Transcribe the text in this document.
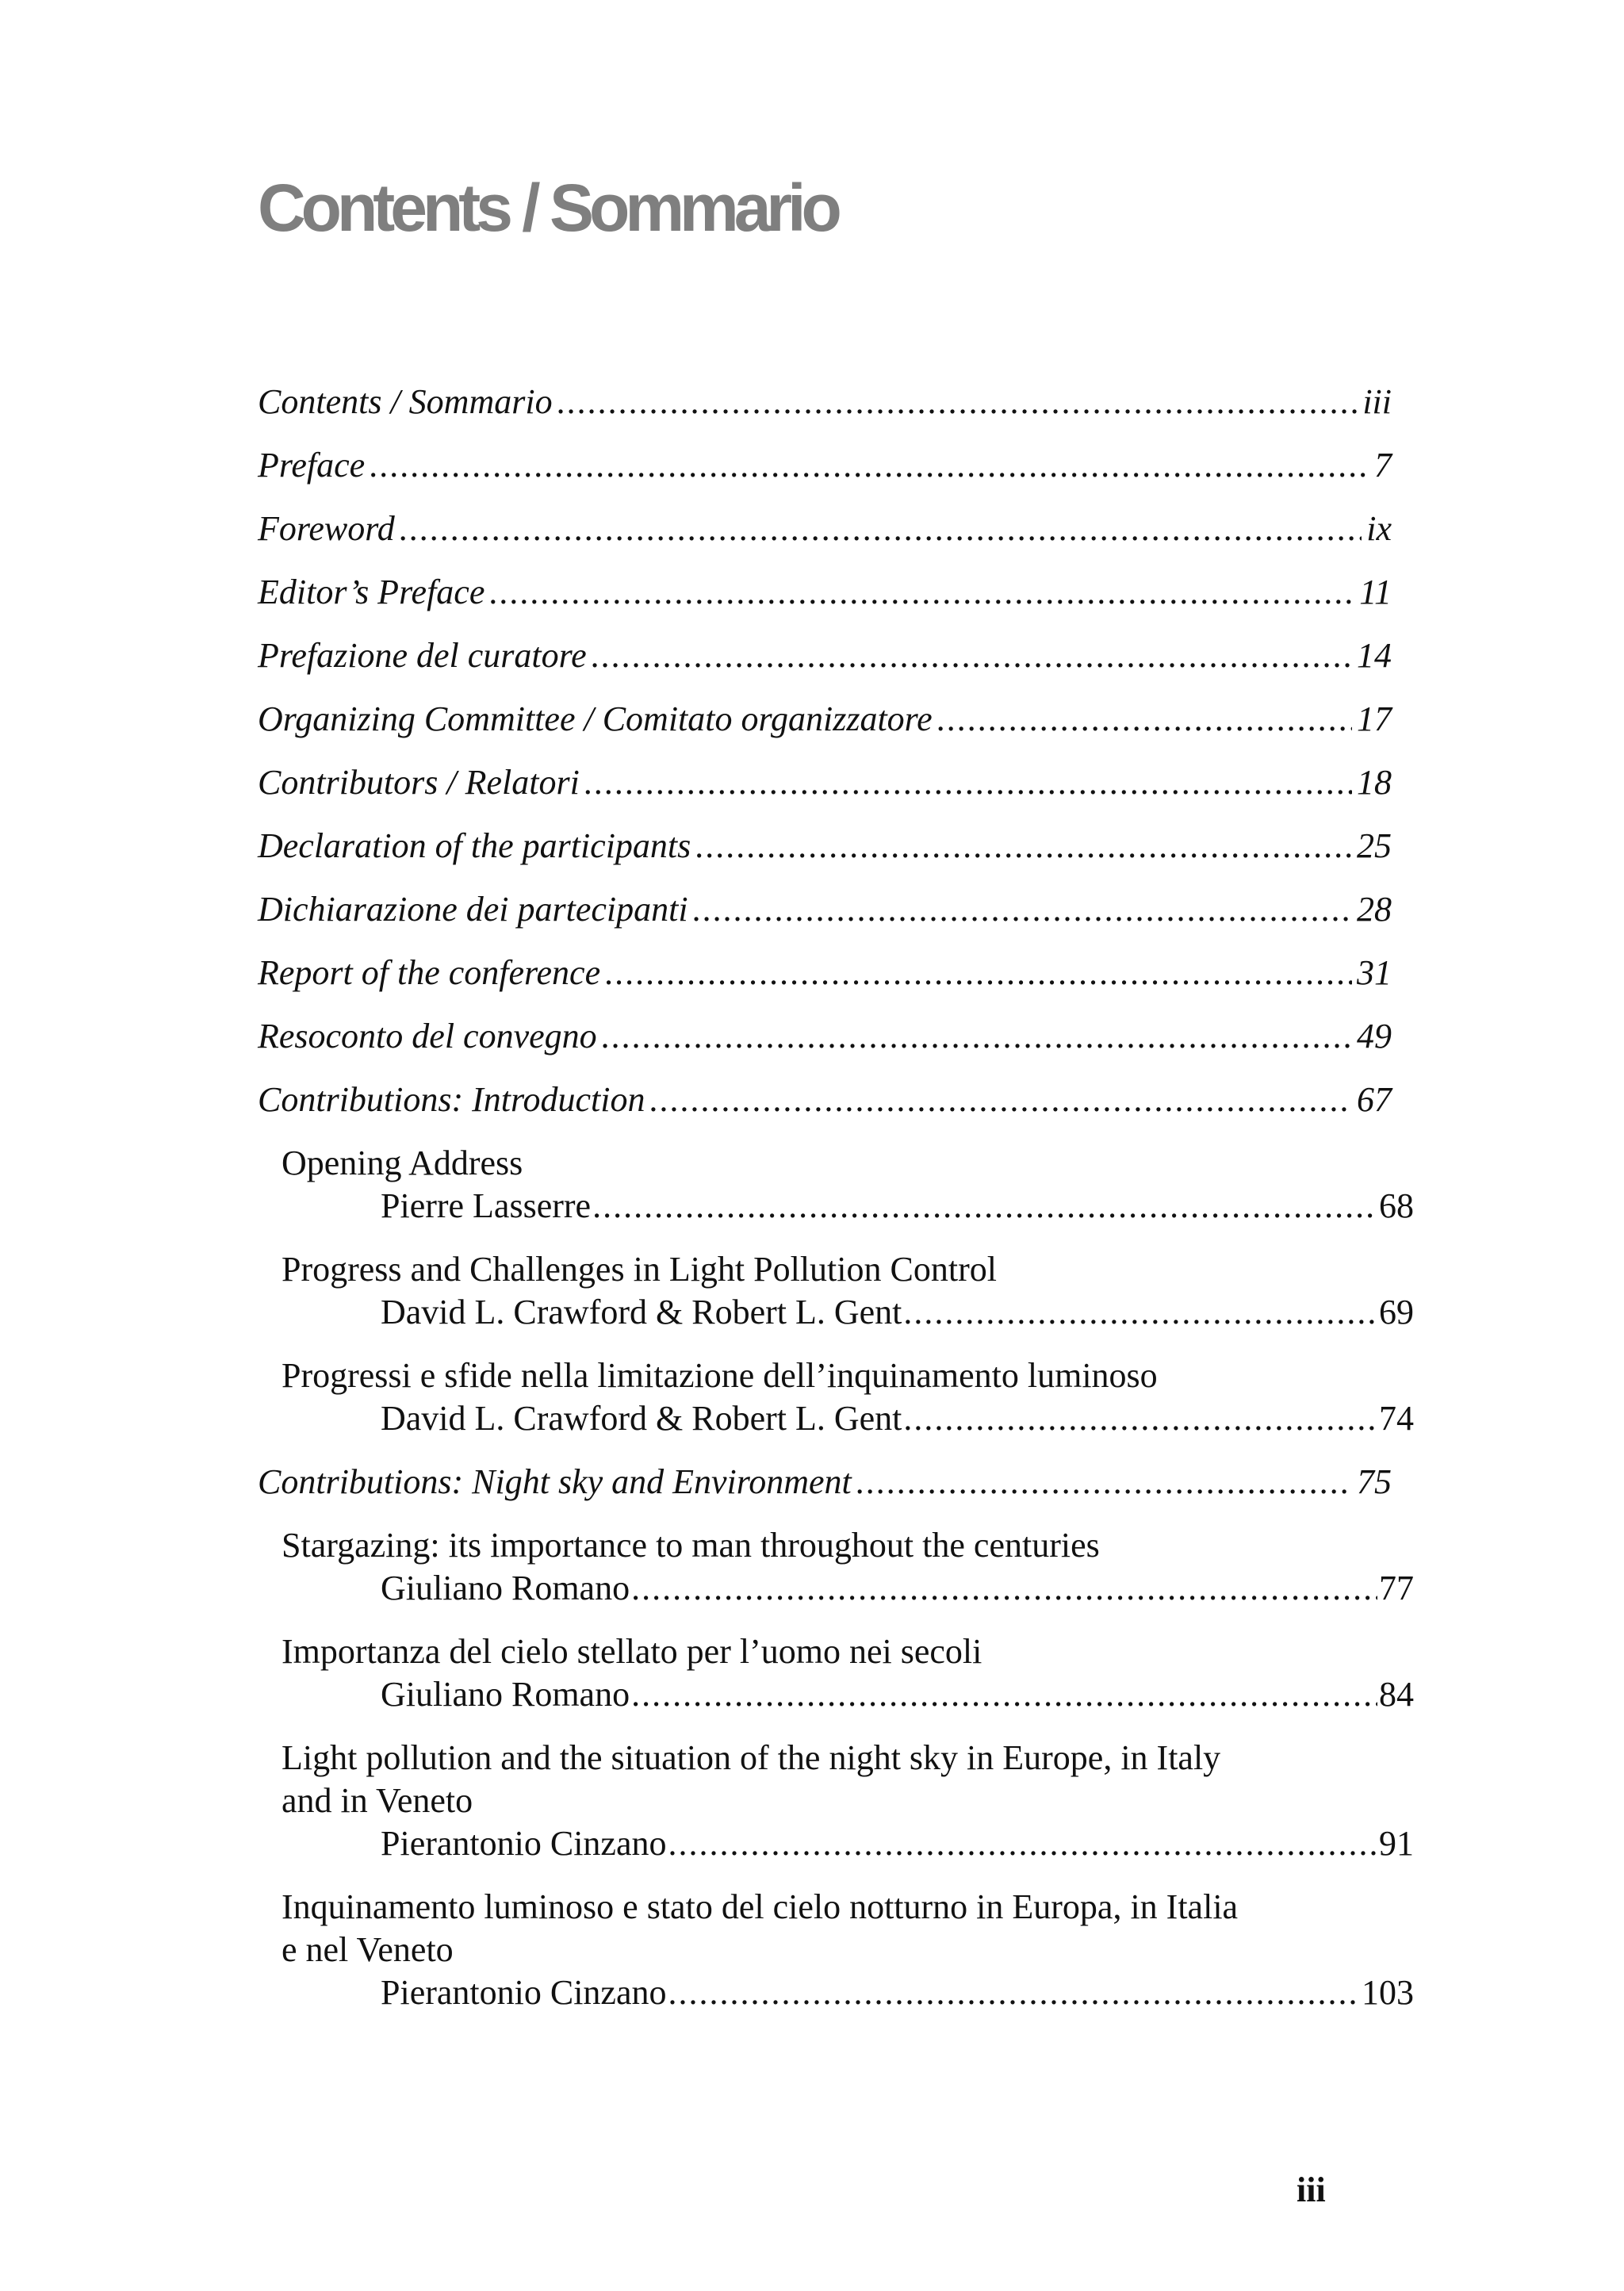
Contents / Sommario
Contents / Sommario .....	iii
Preface .....	7
Foreword .....	ix
Editor’s Preface .....	11
Prefazione del curatore .....	14
Organizing Committee / Comitato organizzatore .....	17
Contributors / Relatori .....	18
Declaration of the participants .....	25
Dichiarazione dei partecipanti .....	28
Report of the conference .....	31
Resoconto del convegno .....	49
Contributions: Introduction .....	67
Opening Address
Pierre Lasserre .....	68
Progress and Challenges in Light Pollution Control
David L. Crawford & Robert L. Gent .....	69
Progressi e sfide nella limitazione dell’inquinamento luminoso
David L. Crawford & Robert L. Gent .....	74
Contributions: Night sky and Environment .....	75
Stargazing: its importance to man throughout the centuries
Giuliano Romano .....	77
Importanza del cielo stellato per l’uomo nei secoli
Giuliano Romano .....	84
Light pollution and the situation of the night sky in Europe, in Italy and in Veneto
Pierantonio Cinzano .....	91
Inquinamento luminoso e stato del cielo notturno in Europa, in Italia e nel Veneto
Pierantonio Cinzano .....	103
iii
